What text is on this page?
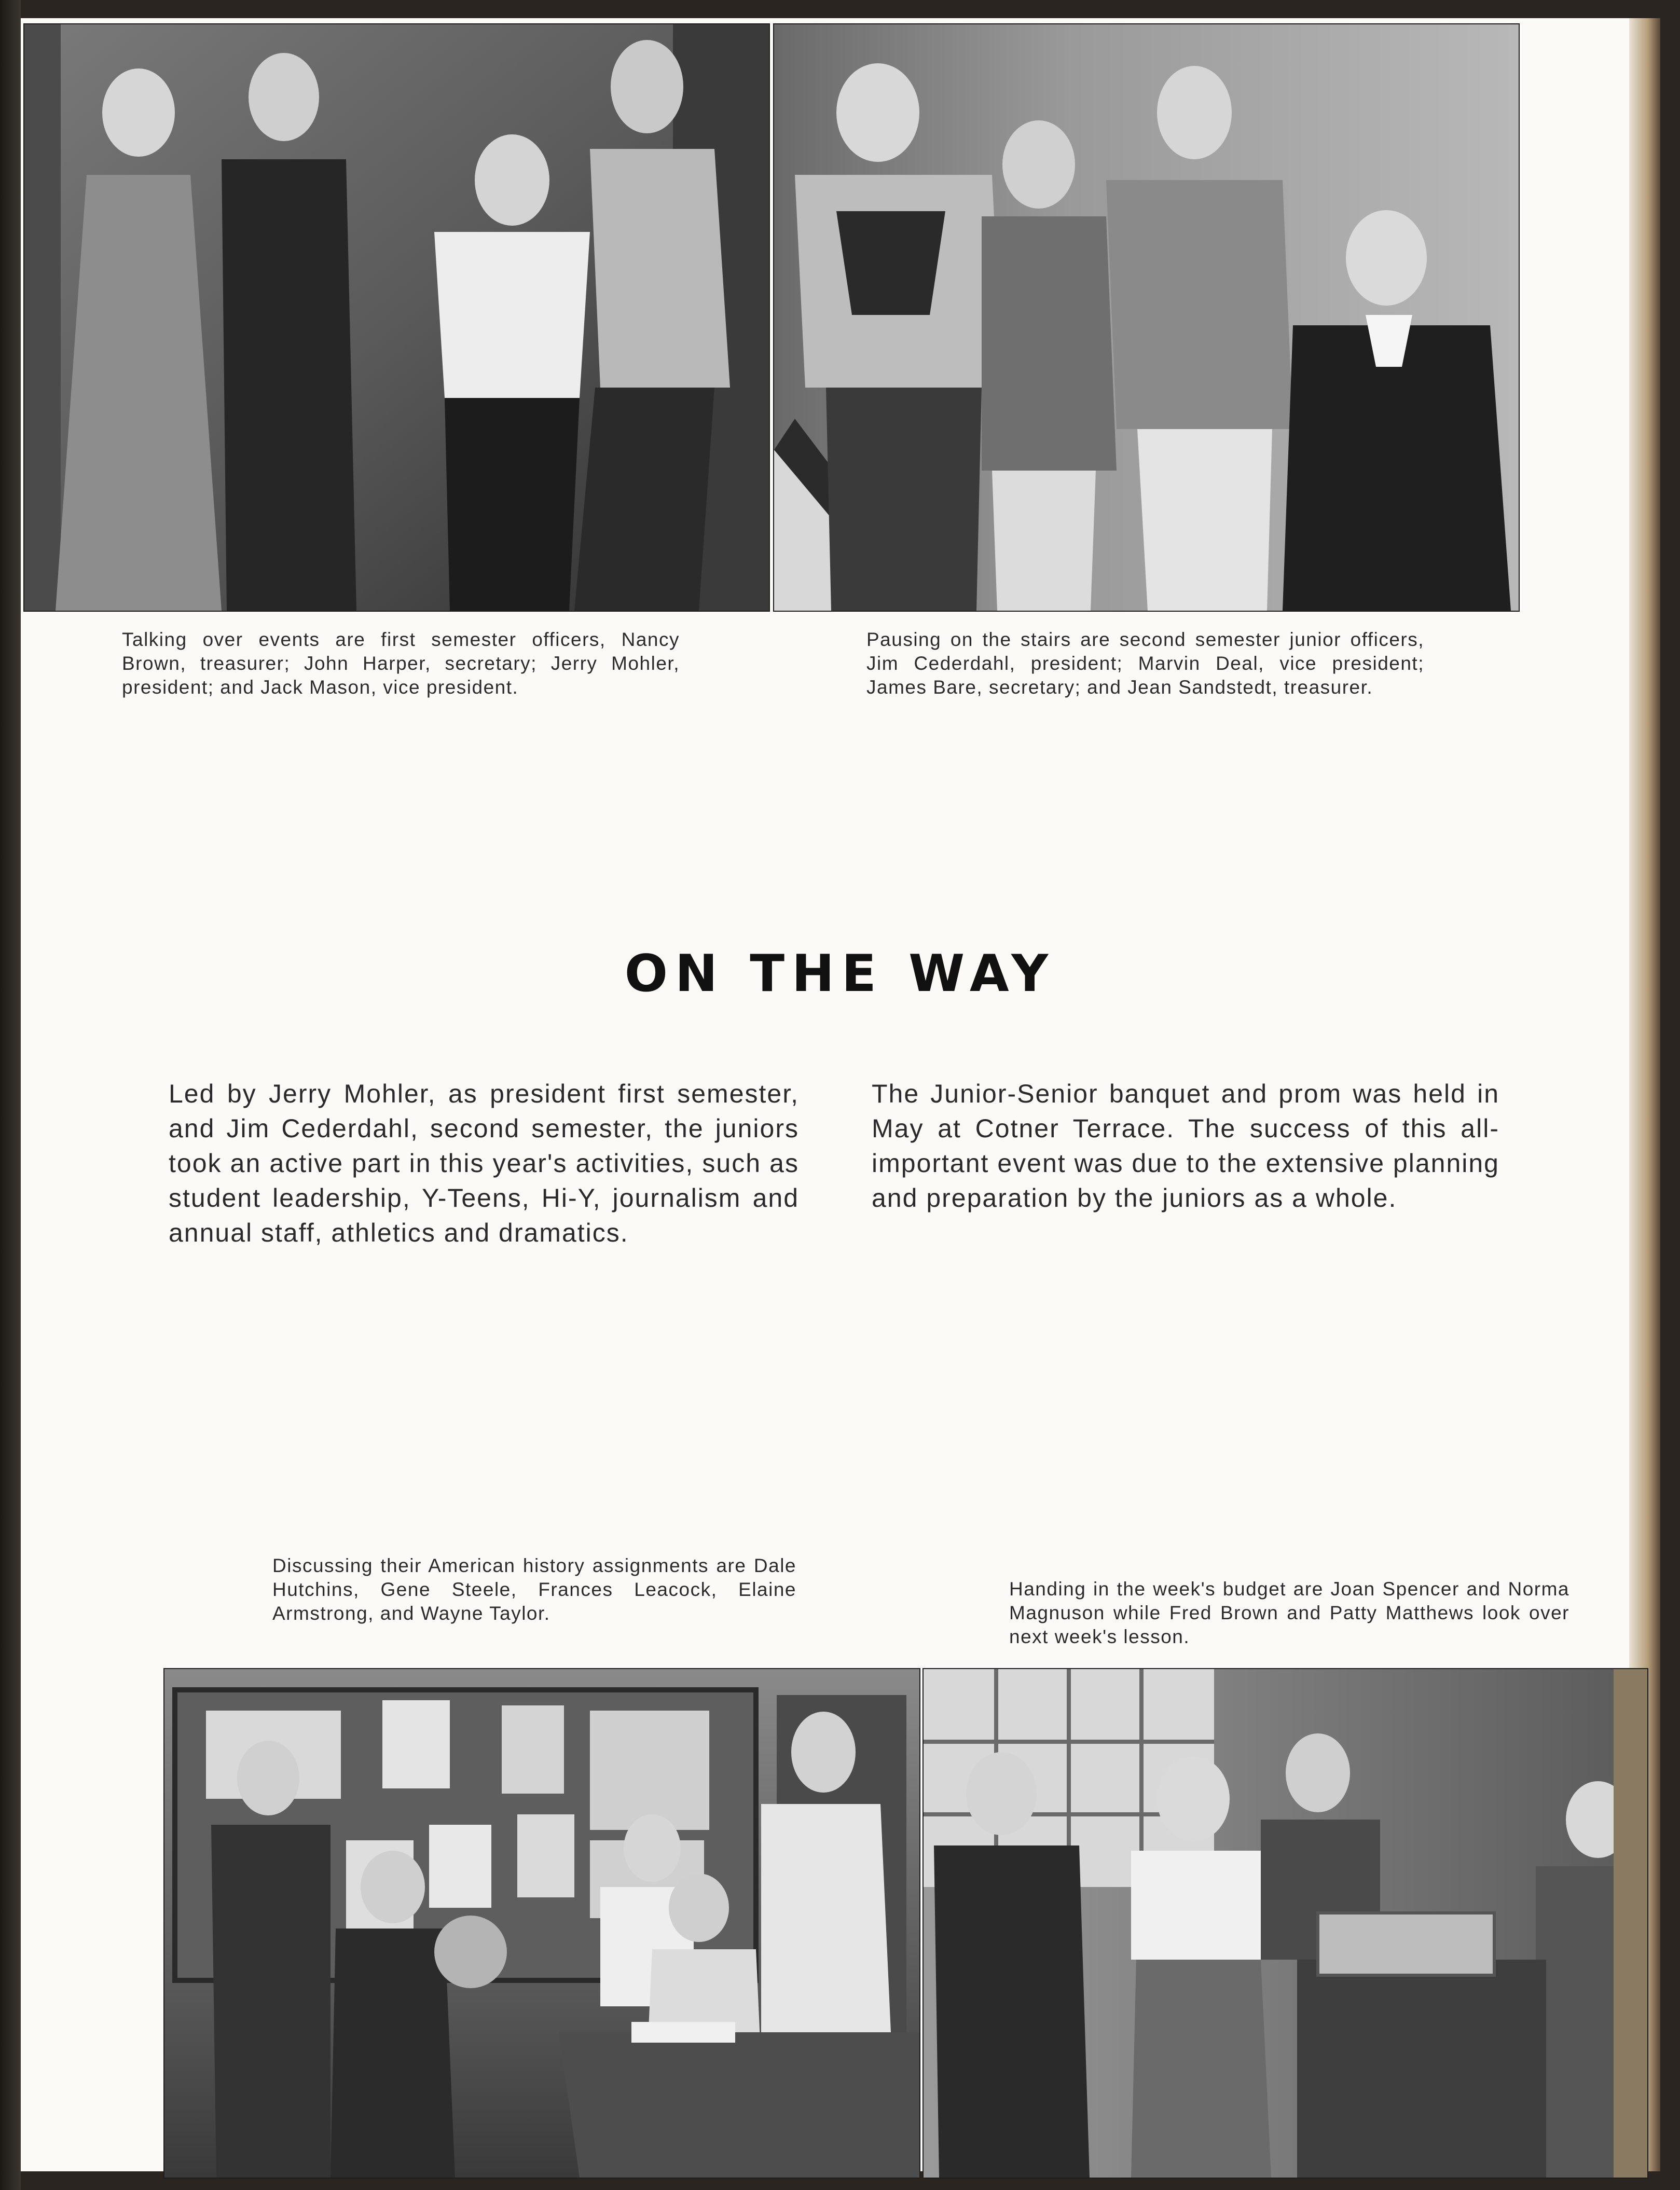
Talking over events are first semester officers, Nancy Brown, treasurer; John Harper, secretary; Jerry Mohler, president; and Jack Mason, vice president.

Pausing on the stairs are second semester junior officers, Jim Cederdahl, president; Marvin Deal, vice president; James Bare, secretary; and Jean Sandstedt, treasurer.

ON THE WAY

Led by Jerry Mohler, as president first semester, and Jim Cederdahl, second semester, the juniors took an active part in this year's activities, such as student leadership, Y-Teens, Hi-Y, journalism and annual staff, athletics and dramatics.

The Junior-Senior banquet and prom was held in May at Cotner Terrace. The success of this all-important event was due to the extensive planning and preparation by the juniors as a whole.

Discussing their American history assignments are Dale Hutchins, Gene Steele, Frances Leacock, Elaine Armstrong, and Wayne Taylor.

Handing in the week's budget are Joan Spencer and Norma Magnuson while Fred Brown and Patty Matthews look over next week's lesson.
